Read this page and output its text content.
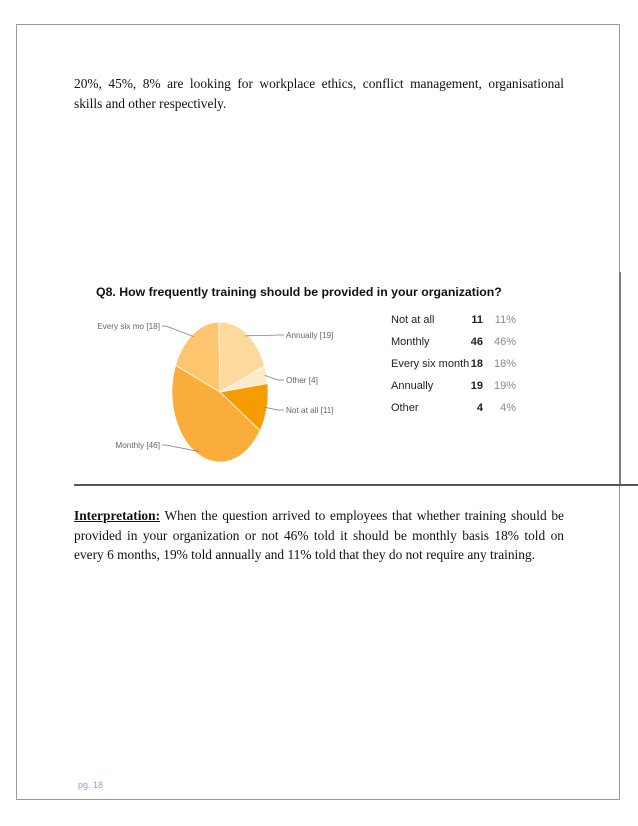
20%, 45%, 8% are looking for workplace ethics, conflict management, organisational skills and other respectively.

Q8. How frequently training should be provided in your organization?
Not at all [11]
Monthly [46]
Every six mo [18]
Annually [19]
Other [4]
Not at all	11 11%
Monthly	46 46%
Every six month 18 18%
Annually	19 19%
Other	4 4%

Interpretation: When the question arrived to employees that whether training should be provided in your organization or not 46% told it should be monthly basis 18% told on every 6 months, 19% told annually and 11% told that they do not require any training.

pg. 18
